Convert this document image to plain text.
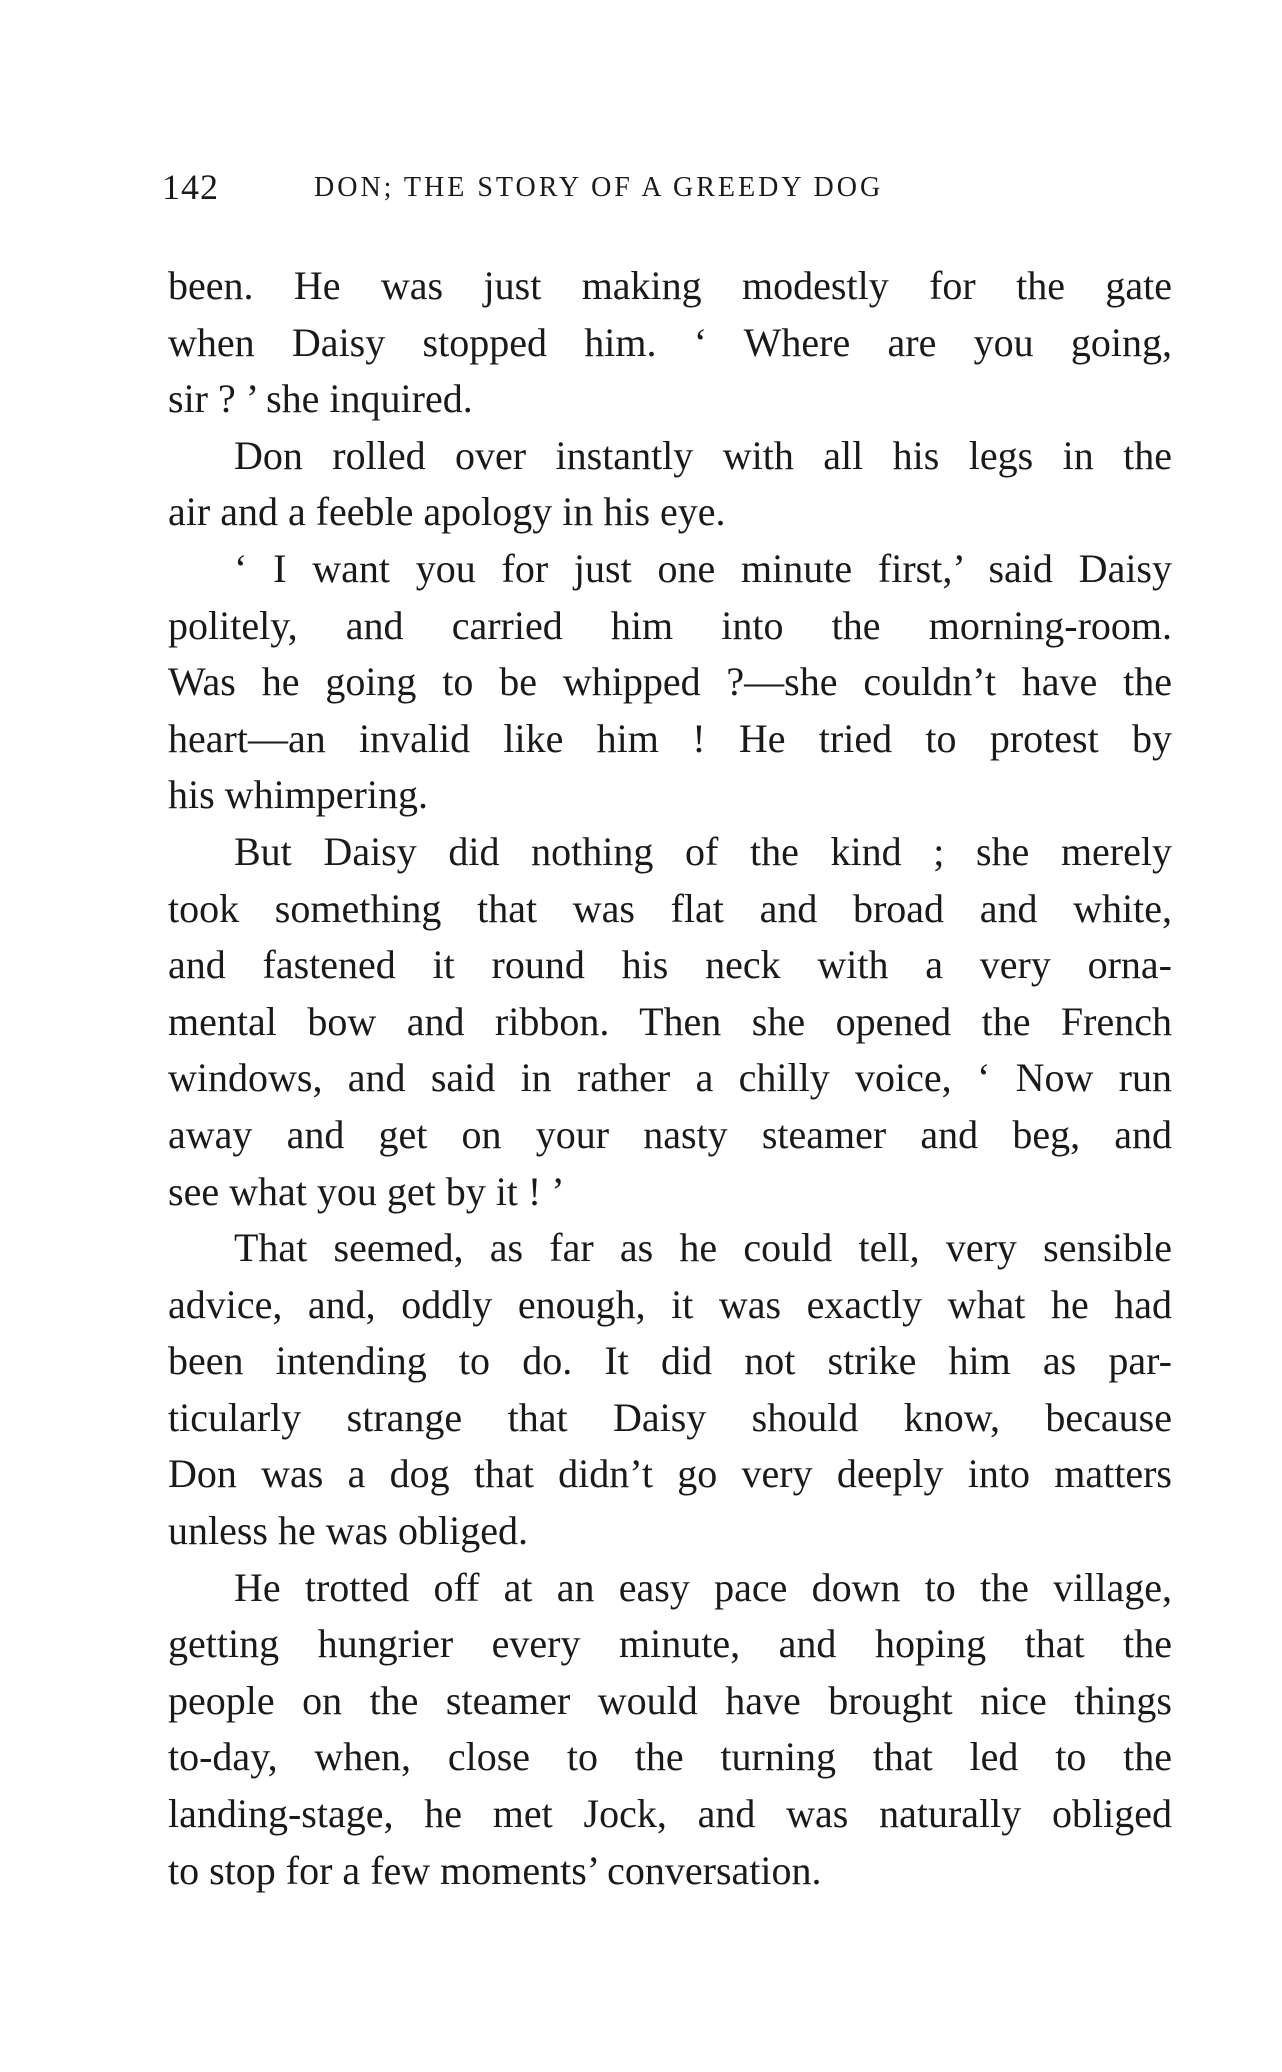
142	DON; THE STORY OF A GREEDY DOG
been. He was just making modestly for the gate
when Daisy stopped him. ‘ Where are you going,
sir ? ’ she inquired.
Don rolled over instantly with all his legs in the
air and a feeble apology in his eye.
‘ I want you for just one minute first,’ said Daisy
politely, and carried him into the morning-room.
Was he going to be whipped ?—she couldn’t have the
heart—an invalid like him ! He tried to protest by
his whimpering.
But Daisy did nothing of the kind ; she merely
took something that was flat and broad and white,
and fastened it round his neck with a very orna-
mental bow and ribbon. Then she opened the French
windows, and said in rather a chilly voice, ‘ Now run
away and get on your nasty steamer and beg, and
see what you get by it ! ’
That seemed, as far as he could tell, very sensible
advice, and, oddly enough, it was exactly what he had
been intending to do. It did not strike him as par-
ticularly strange that Daisy should know, because
Don was a dog that didn’t go very deeply into matters
unless he was obliged.
He trotted off at an easy pace down to the village,
getting hungrier every minute, and hoping that the
people on the steamer would have brought nice things
to-day, when, close to the turning that led to the
landing-stage, he met Jock, and was naturally obliged
to stop for a few moments’ conversation.
